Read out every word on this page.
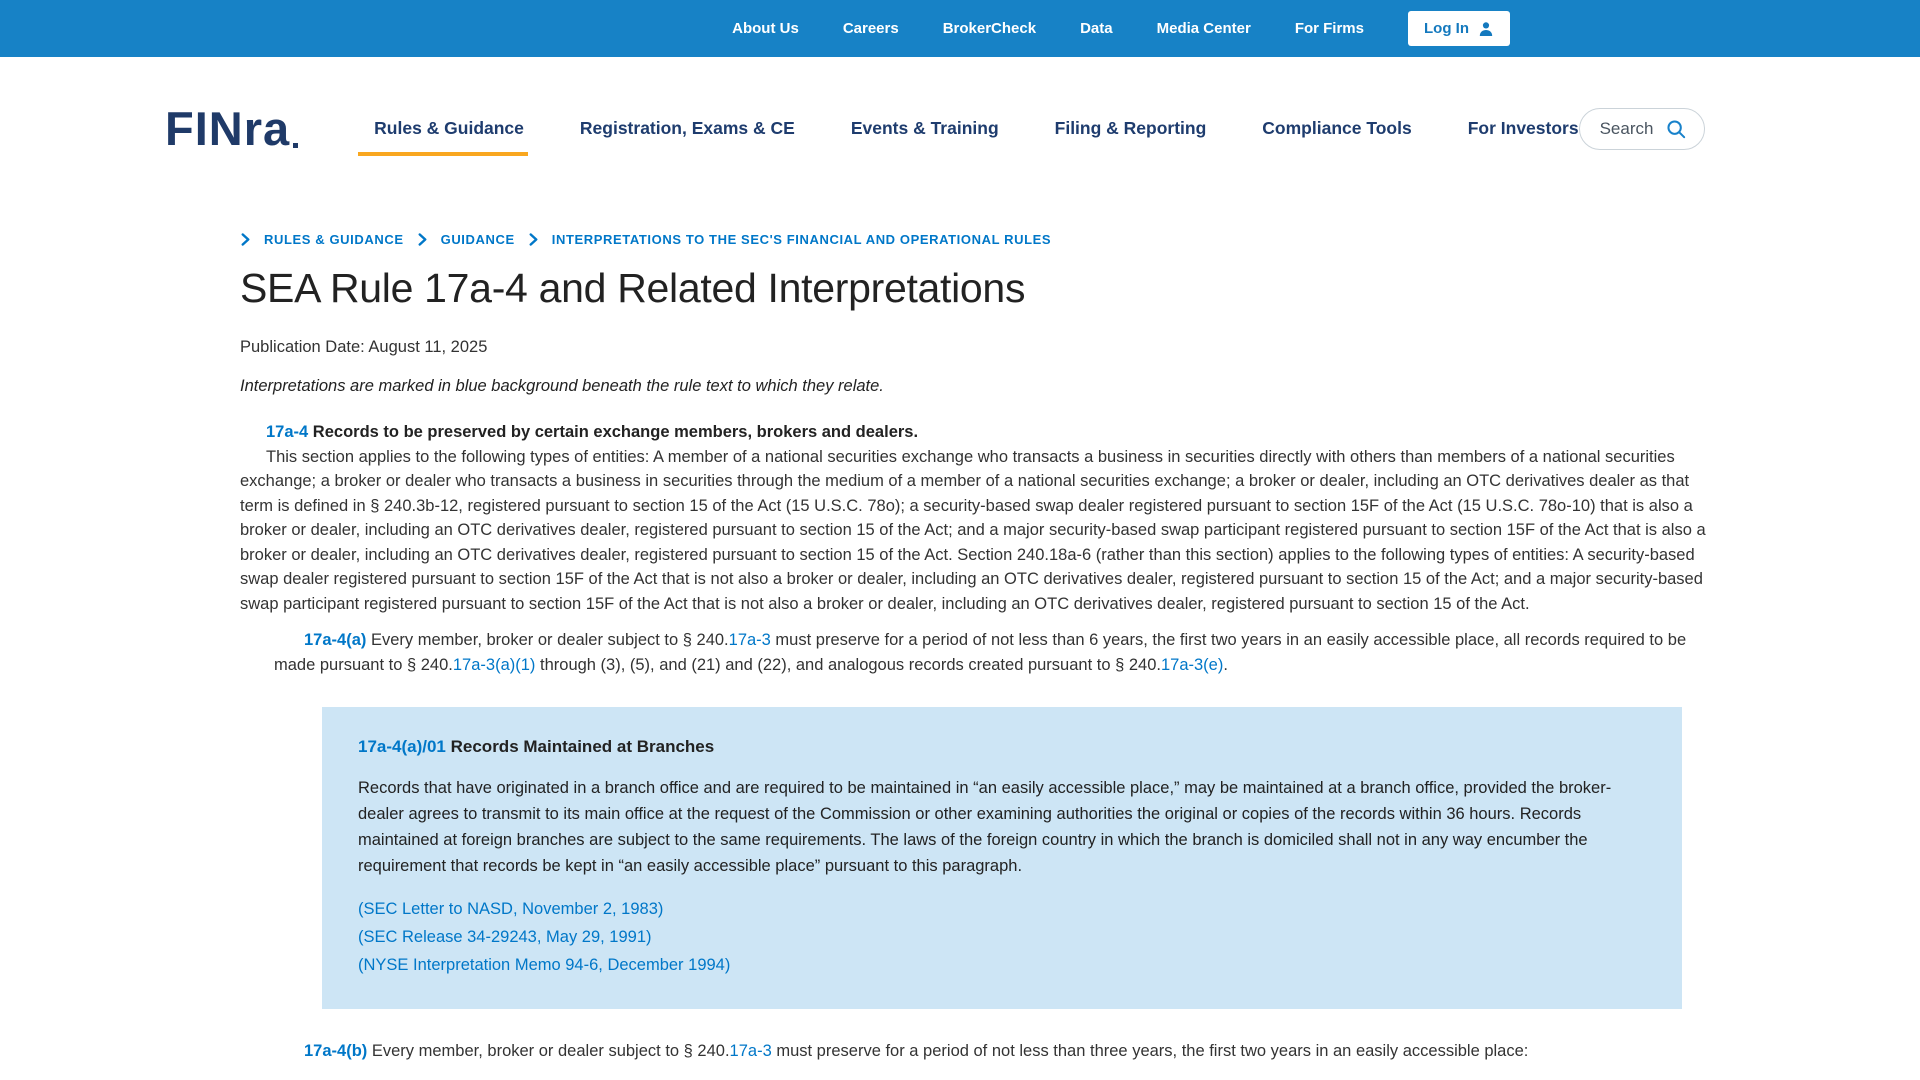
About Us	Careers	BrokerCheck	Data	Media Center	For Firms	Log In
FINra	Rules & Guidance	Registration, Exams & CE	Events & Training	Filing & Reporting	Compliance Tools	For Investors Search
RULES & GUIDANCE	GUIDANCE	INTERPRETATIONS TO THE SEC'S FINANCIAL AND OPERATIONAL RULES
SEA Rule 17a-4 and Related Interpretations

Publication Date: August 11, 2025

Interpretations are marked in blue background beneath the rule text to which they relate.

17a-4 Records to be preserved by certain exchange members, brokers and dealers.

This section applies to the following types of entities: A member of a national securities exchange who transacts a business in securities directly with others than members of a national securities exchange; a broker or dealer who transacts a business in securities through the medium of a member of a national securities exchange; a broker or dealer, including an OTC derivatives dealer as that term is defined in § 240.3b-12, registered pursuant to section 15 of the Act (15 U.S.C. 78o); a security-based swap dealer registered pursuant to section 15F of the Act (15 U.S.C. 78o-10) that is also a broker or dealer, including an OTC derivatives dealer, registered pursuant to section 15 of the Act; and a major security-based swap participant registered pursuant to section 15F of the Act that is also a broker or dealer, including an OTC derivatives dealer, registered pursuant to section 15 of the Act. Section 240.18a-6 (rather than this section) applies to the following types of entities: A security-based swap dealer registered pursuant to section 15F of the Act that is not also a broker or dealer, including an OTC derivatives dealer, registered pursuant to section 15 of the Act; and a major security-based swap participant registered pursuant to section 15F of the Act that is not also a broker or dealer, including an OTC derivatives dealer, registered pursuant to section 15 of the Act.

17a-4(a) Every member, broker or dealer subject to § 240.17a-3 must preserve for a period of not less than 6 years, the first two years in an easily accessible place, all records required to be made pursuant to § 240.17a-3(a)(1) through (3), (5), and (21) and (22), and analogous records created pursuant to § 240.17a-3(e).
17a-4(a)/01 Records Maintained at Branches

Records that have originated in a branch office and are required to be maintained in “an easily accessible place,” may be maintained at a branch office, provided the broker-dealer agrees to transmit to its main office at the request of the Commission or other examining authorities the original or copies of the records within 36 hours. Records maintained at foreign branches are subject to the same requirements. The laws of the foreign country in which the branch is domiciled shall not in any way encumber the requirement that records be kept in “an easily accessible place” pursuant to this paragraph.

(SEC Letter to NASD, November 2, 1983)
(SEC Release 34-29243, May 29, 1991)
(NYSE Interpretation Memo 94-6, December 1994)
17a-4(b) Every member, broker or dealer subject to § 240.17a-3 must preserve for a period of not less than three years, the first two years in an easily accessible place:
